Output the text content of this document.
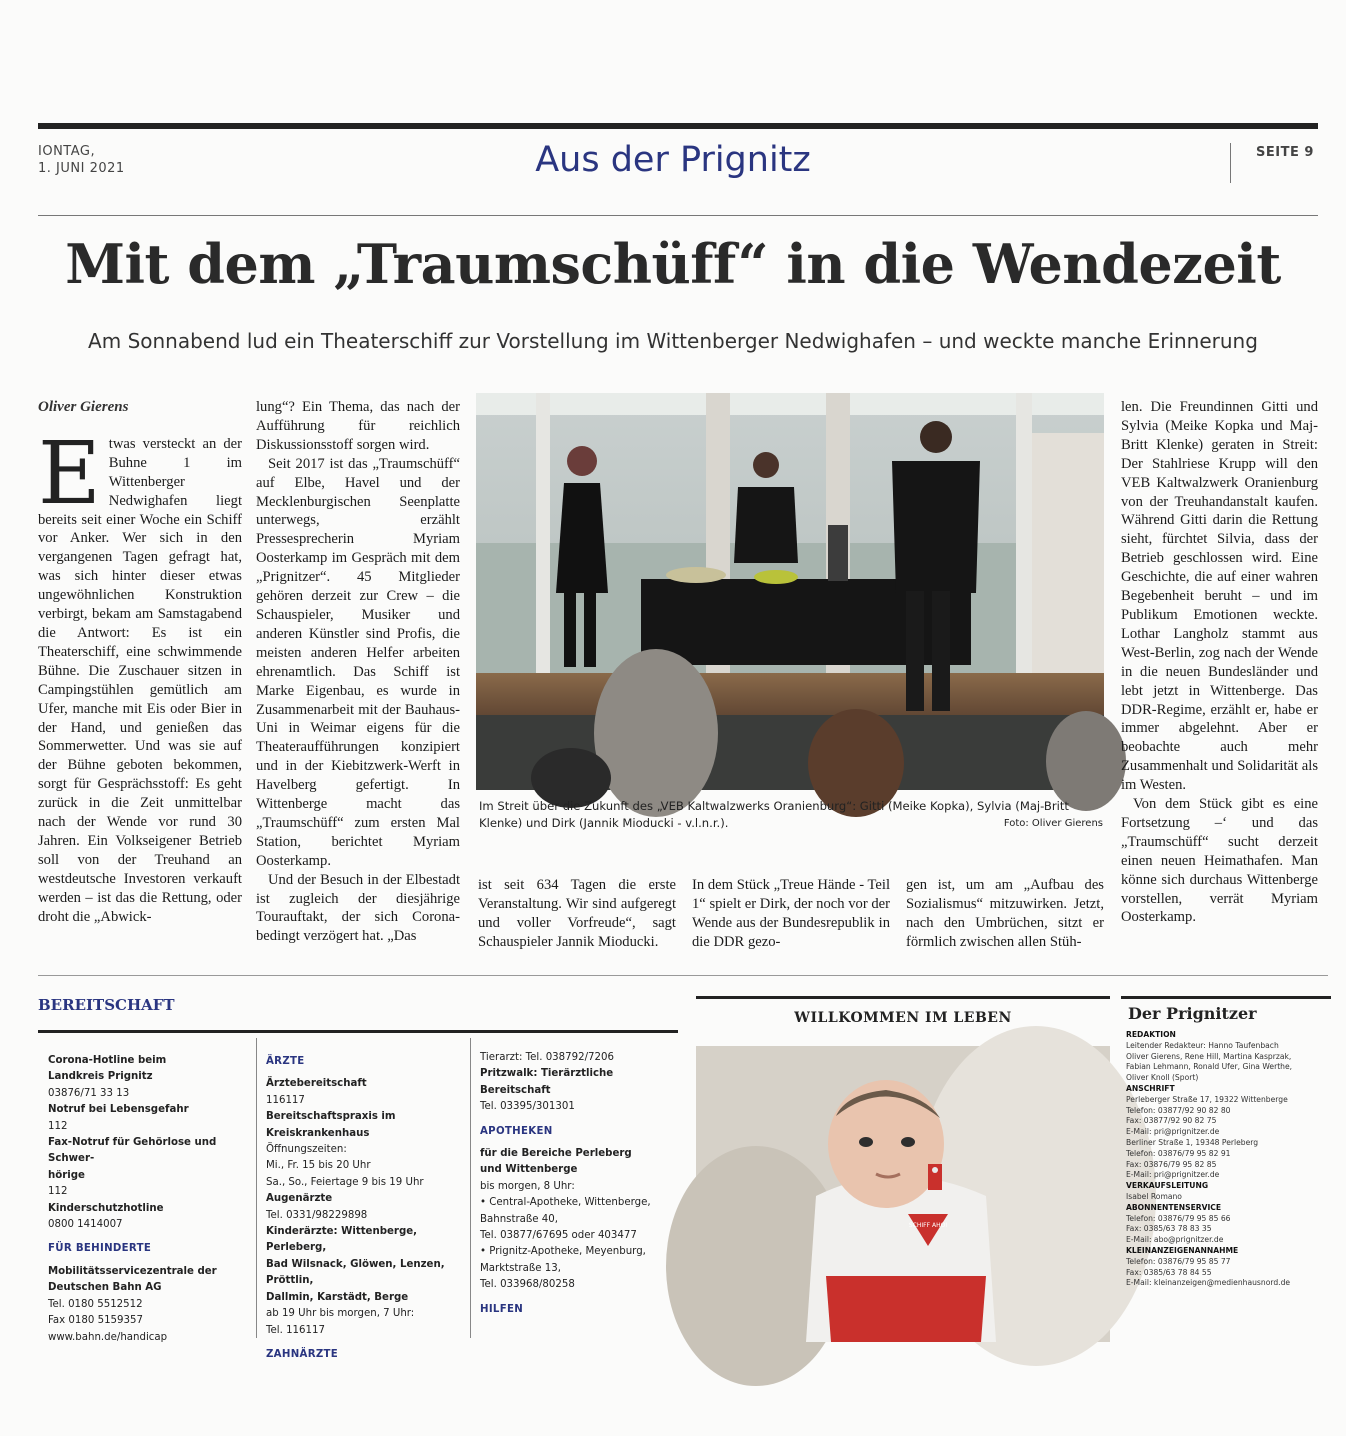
IONTAG,
1. JUNI 2021	Aus der Prignitz	SEITE 9
Mit dem „Traumschüff“ in die Wendezeit
Am Sonnabend lud ein Theaterschiff zur Vorstellung im Wittenberger Nedwighafen – und weckte manche Erinnerung
Oliver Gierens
E twas versteckt an der Buhne 1 im Wittenberger Nedwighafen liegt bereits seit einer Woche ein Schiff vor Anker. Wer sich in den vergangenen Tagen gefragt hat, was sich hinter dieser etwas ungewöhnlichen Konstruktion verbirgt, bekam am Samstagabend die Antwort: Es ist ein Theaterschiff, eine schwimmende Bühne. Die Zuschauer sitzen in Campingstühlen gemütlich am Ufer, manche mit Eis oder Bier in der Hand, und genießen das Sommerwetter. Und was sie auf der Bühne geboten bekommen, sorgt für Gesprächsstoff: Es geht zurück in die Zeit unmittelbar nach der Wende vor rund 30 Jahren. Ein Volkseigener Betrieb soll von der Treuhand an westdeutsche Investoren verkauft werden – ist das die Rettung, oder droht die „Abwick-

lung“? Ein Thema, das nach der Aufführung für reichlich Diskussionsstoff sorgen wird.

Seit 2017 ist das „Traumschüff“ auf Elbe, Havel und der Mecklenburgischen Seenplatte unterwegs, erzählt Pressesprecherin Myriam Oosterkamp im Gespräch mit dem „Prignitzer“. 45 Mitglieder gehören derzeit zur Crew – die Schauspieler, Musiker und anderen Künstler sind Profis, die meisten anderen Helfer arbeiten ehrenamtlich. Das Schiff ist Marke Eigenbau, es wurde in Zusammenarbeit mit der Bauhaus-Uni in Weimar eigens für die Theateraufführungen konzipiert und in der Kiebitzwerk-Werft in Havelberg gefertigt. In Wittenberge macht das „Traumschüff“ zum ersten Mal Station, berichtet Myriam Oosterkamp.

Und der Besuch in der Elbestadt ist zugleich der diesjährige Tourauftakt, der sich Corona-bedingt verzögert hat. „Das

Im Streit über die Zukunft des „VEB Kaltwalzwerks Oranienburg“: Gitti (Meike Kopka), Sylvia (Maj-Britt Klenke) und Dirk (Jannik Mioducki - v.l.n.r.).	Foto: Oliver Gierens

ist seit 634 Tagen die erste Veranstaltung. Wir sind aufgeregt und voller Vorfreude“, sagt Schauspieler Jannik Mioducki.

In dem Stück „Treue Hände - Teil 1“ spielt er Dirk, der noch vor der Wende aus der Bundesrepublik in die DDR gezo-

gen ist, um am „Aufbau des Sozialismus“ mitzuwirken. Jetzt, nach den Umbrüchen, sitzt er förmlich zwischen allen Stüh-

len. Die Freundinnen Gitti und Sylvia (Meike Kopka und Maj-Britt Klenke) geraten in Streit: Der Stahlriese Krupp will den VEB Kaltwalzwerk Oranienburg von der Treuhandanstalt kaufen. Während Gitti darin die Rettung sieht, fürchtet Silvia, dass der Betrieb geschlossen wird. Eine Geschichte, die auf einer wahren Begebenheit beruht – und im Publikum Emotionen weckte. Lothar Langholz stammt aus West-Berlin, zog nach der Wende in die neuen Bundesländer und lebt jetzt in Wittenberge. Das DDR-Regime, erzählt er, habe er immer abgelehnt. Aber er beobachte auch mehr Zusammenhalt und Solidarität als im Westen.

Von dem Stück gibt es eine Fortsetzung –‘ und das „Traumschüff“ sucht derzeit einen neuen Heimathafen. Man könne sich durchaus Wittenberge vorstellen, verrät Myriam Oosterkamp.

BEREITSCHAFT
Corona-Hotline beim
Landkreis Prignitz
03876/71 33 13
Notruf bei Lebensgefahr
112
Fax-Notruf für Gehörlose und Schwer-
hörige
112
Kinderschutzhotline
0800 1414007
FÜR BEHINDERTE
Mobilitätsservicezentrale der
Deutschen Bahn AG
Tel. 0180 5512512
Fax 0180 5159357
www.bahn.de/handicap
ÄRZTE
Ärztebereitschaft
116117
Bereitschaftspraxis im
Kreiskrankenhaus
Öffnungszeiten:
Mi., Fr. 15 bis 20 Uhr
Sa., So., Feiertage 9 bis 19 Uhr
Augenärzte
Tel. 0331/98229898
Kinderärzte: Wittenberge, Perleberg,
Bad Wilsnack, Glöwen, Lenzen, Pröttlin,
Dallmin, Karstädt, Berge
ab 19 Uhr bis morgen, 7 Uhr:
Tel. 116117
ZAHNÄRZTE
Tierarzt: Tel. 038792/7206
Pritzwalk: Tierärztliche Bereitschaft
Tel. 03395/301301
APOTHEKEN
für die Bereiche Perleberg
und Wittenberge
bis morgen, 8 Uhr:
• Central-Apotheke, Wittenberge,
Bahnstraße 40,
Tel. 03877/67695 oder 403477
• Prignitz-Apotheke, Meyenburg,
Marktstraße 13,
Tel. 033968/80258
HILFEN
WILLKOMMEN IM LEBEN
SCHIFF AHOI
Der Prignitzer
REDAKTION
Leitender Redakteur: Hanno Taufenbach
Oliver Gierens, Rene Hill, Martina Kasprzak,
Fabian Lehmann, Ronald Ufer, Gina Werthe,
Oliver Knoll (Sport)
ANSCHRIFT
Perleberger Straße 17, 19322 Wittenberge
Telefon: 03877/92 90 82 80
Fax: 03877/92 90 82 75
E-Mail: pri@prignitzer.de
Berliner Straße 1, 19348 Perleberg
Telefon: 03876/79 95 82 91
Fax: 03876/79 95 82 85
E-Mail: pri@prignitzer.de
VERKAUFSLEITUNG
Isabel Romano
ABONNENTENSERVICE
Telefon: 03876/79 95 85 66
Fax: 0385/63 78 83 35
E-Mail: abo@prignitzer.de
KLEINANZEIGENANNAHME
Telefon: 03876/79 95 85 77
Fax: 0385/63 78 84 55
E-Mail: kleinanzeigen@medienhausnord.de
